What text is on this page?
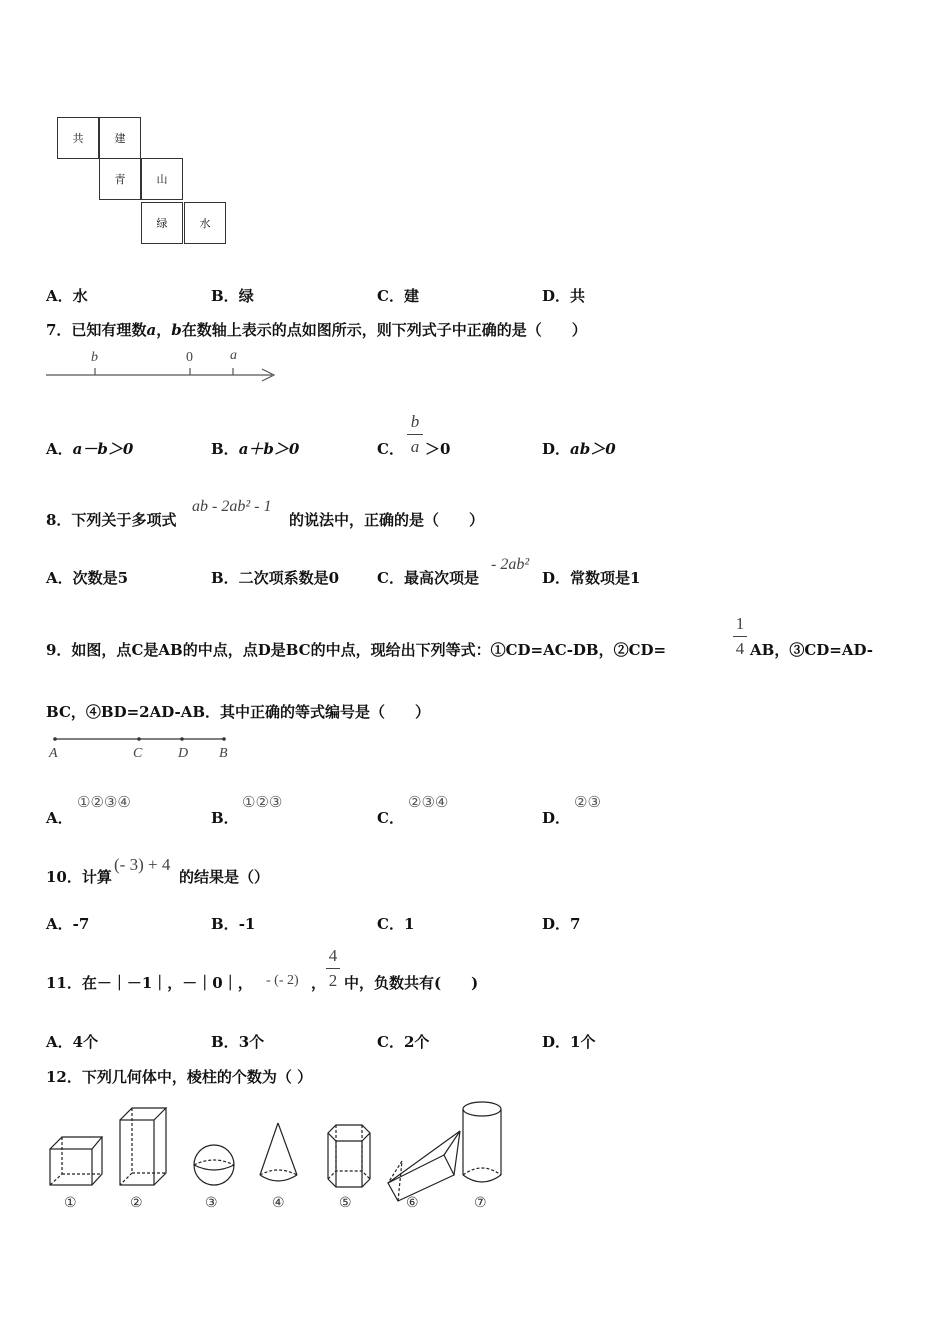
共	建
青	山
绿	水
A．水	B．绿	C．建	D．共
7．已知有理数a，b在数轴上表示的点如图所示，则下列式子中正确的是（　　）
b	0	a
A．a－b＞0	B．a＋b＞0	C．
b
a ＞0	D．ab＞0
8．下列关于多项式
ab - 2ab² - 1
的说法中，正确的是（　　）
A．次数是5	B．二次项系数是0	C．最高次项是
- 2ab²
D．常数项是1
9．如图，点C是AB的中点，点D是BC的中点，现给出下列等式：①CD=AC-DB，②CD=
1
4 AB，③CD=AD-
BC，④BD=2AD-AB．其中正确的等式编号是（　　）
A	C	D B
A．
①②③④
B．
①②③
C．
②③④
D．
②③
10．计算
(- 3) + 4
的结果是（）
A．-7	B．-1	C．1	D．7
11．在－｜－1｜，－｜0｜， - (- 2) ，
4
2 中，负数共有(　　)
A．4个	B．3个	C．2个	D．1个
12．下列几何体中，棱柱的个数为（ ）
①	②	③	④	⑤	⑥	⑦
